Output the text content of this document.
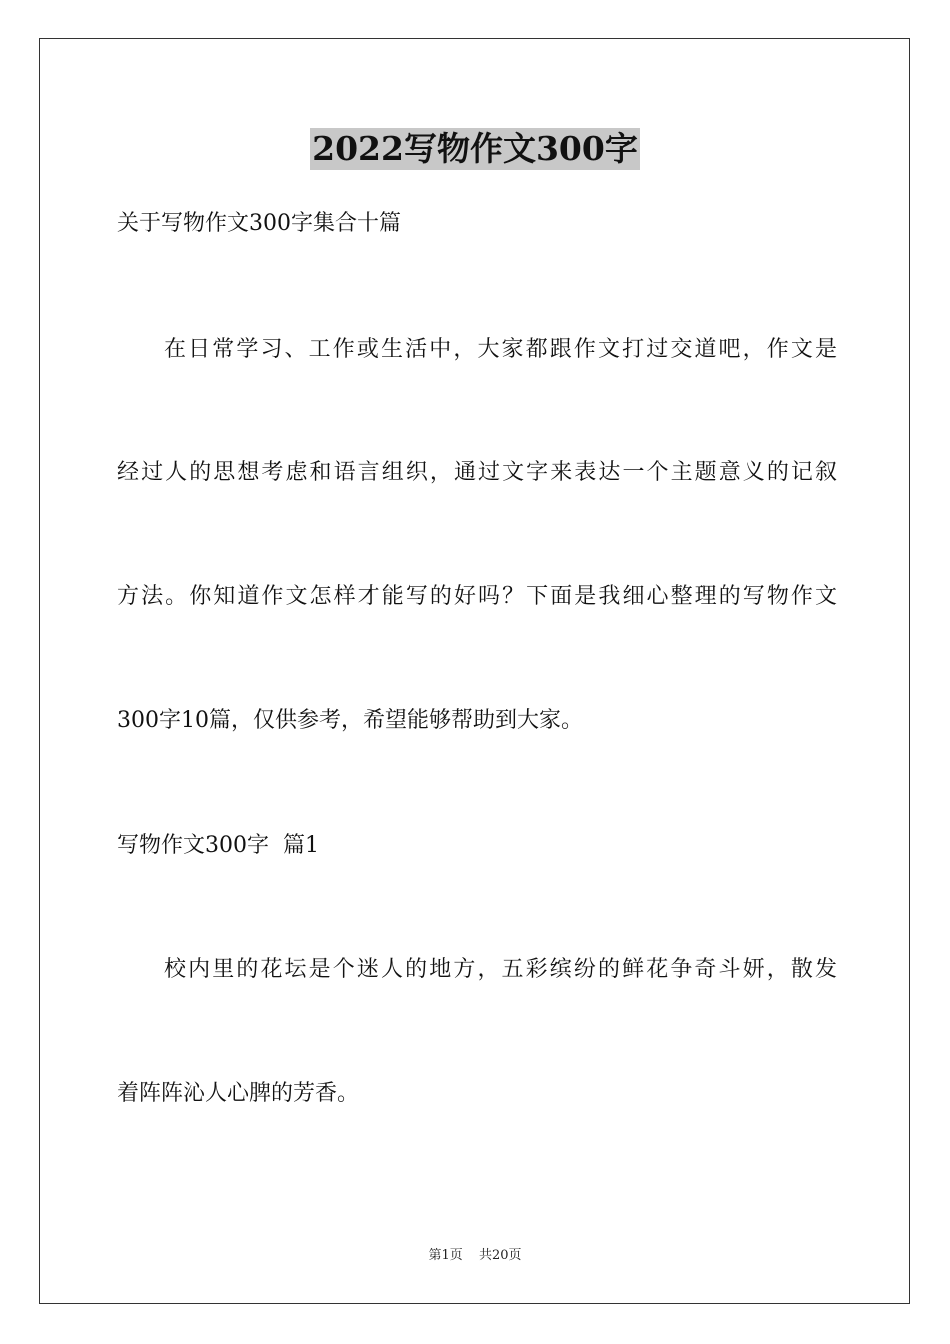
2022写物作文300字
关于写物作文300字集合十篇
在日常学习、工作或生活中，大家都跟作文打过交道吧，作文是
经过人的思想考虑和语言组织，通过文字来表达一个主题意义的记叙
方法。你知道作文怎样才能写的好吗？下面是我细心整理的写物作文
300字10篇，仅供参考，希望能够帮助到大家。
写物作文300字  篇1
校内里的花坛是个迷人的地方，五彩缤纷的鲜花争奇斗妍，散发
着阵阵沁人心脾的芳香。
第1页 共20页
